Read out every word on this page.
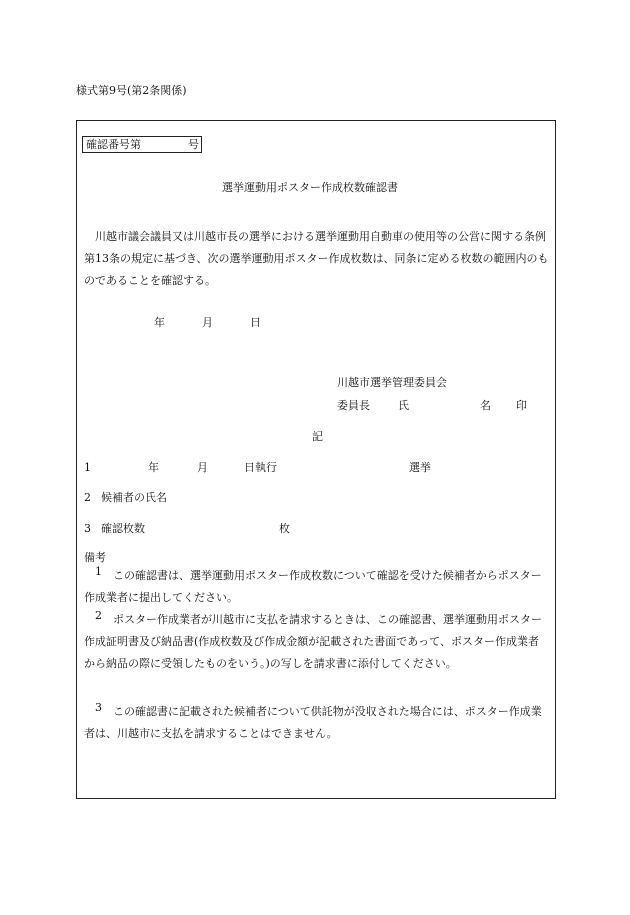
様式第9号(第2条関係)
確認番号第	号
選挙運動用ポスター作成枚数確認書
川越市議会議員又は川越市長の選挙における選挙運動用自動車の使用等の公営に関する条例第13条の規定に基づき、次の選挙運動用ポスター作成枚数は、同条に定める枚数の範囲内のものであることを確認する。
年	月	日
川越市選挙管理委員会
委員長	氏	名 印
記
1	年	月	日執行	選挙
2 候補者の氏名
3 確認枚数	枚
備考
1	この確認書は、選挙運動用ポスター作成枚数について確認を受けた候補者からポスター作成業者に提出してください。
2	ポスター作成業者が川越市に支払を請求するときは、この確認書、選挙運動用ポスター作成証明書及び納品書(作成枚数及び作成金額が記載された書面であって、ポスター作成業者から納品の際に受領したものをいう。)の写しを請求書に添付してください。
3	この確認書に記載された候補者について供託物が没収された場合には、ポスター作成業者は、川越市に支払を請求することはできません。
